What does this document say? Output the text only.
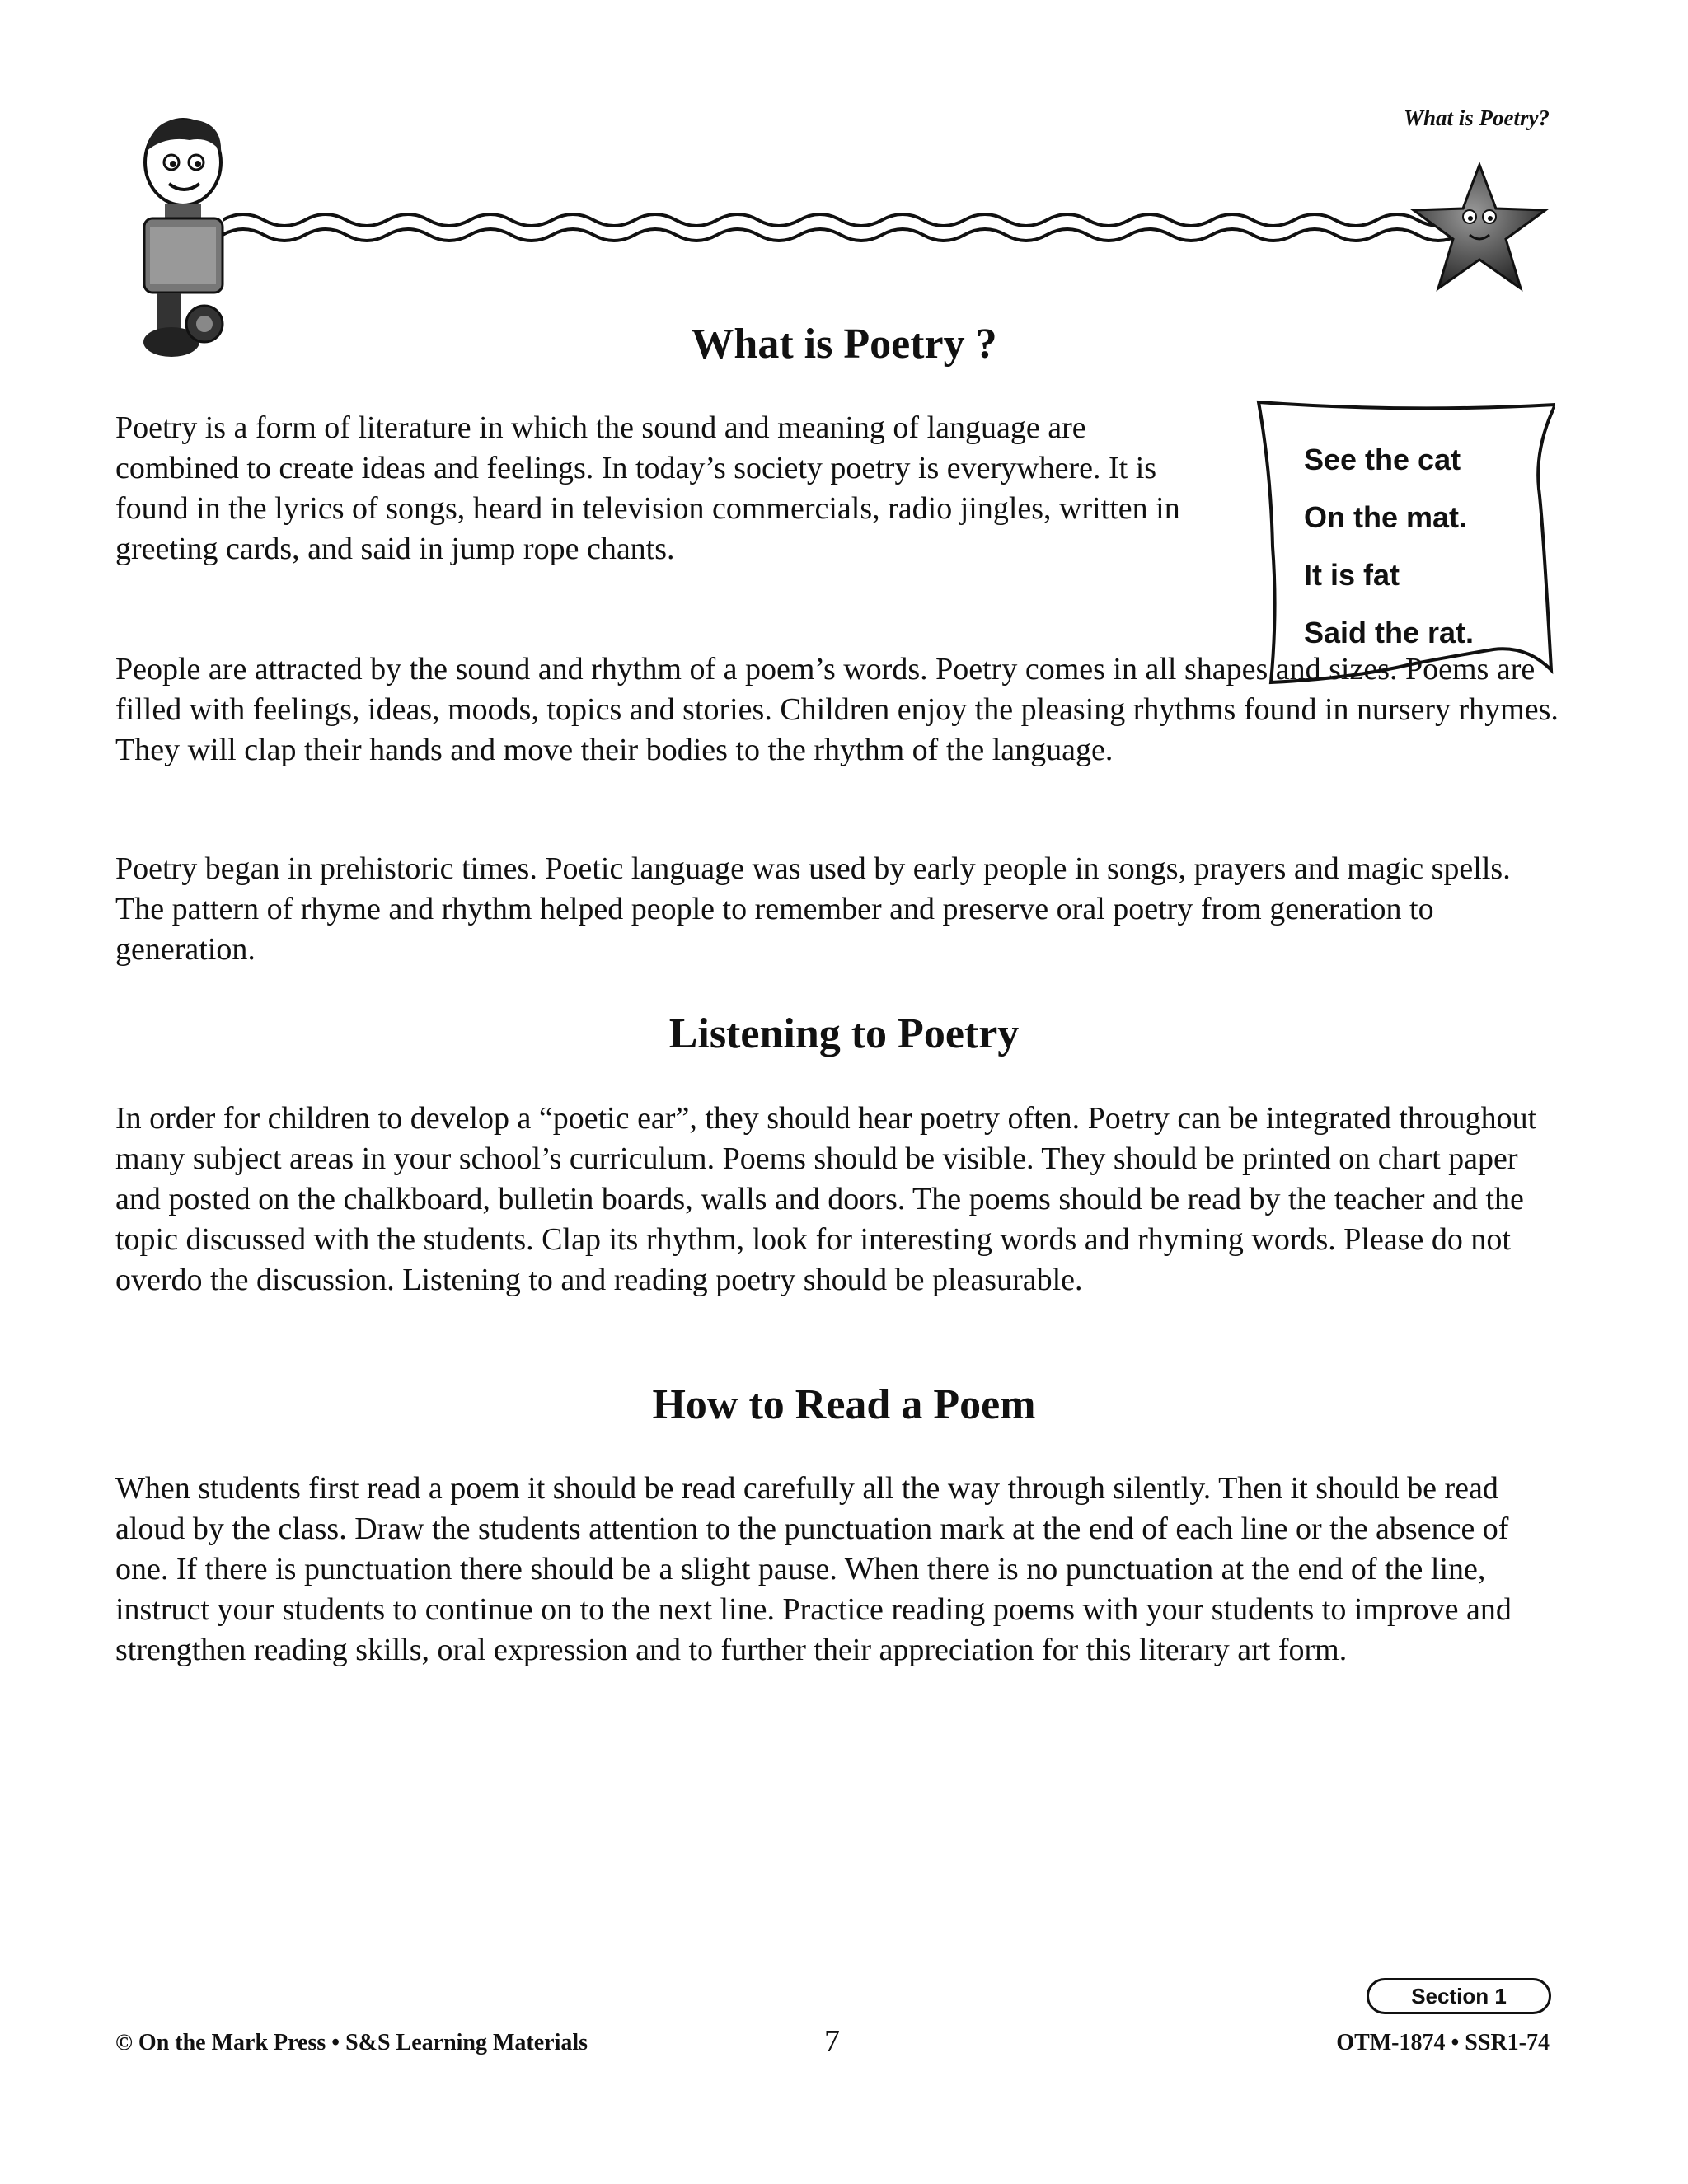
What is Poetry?
What is Poetry ?

Poetry is a form of literature in which the sound and meaning of language are combined to create ideas and feelings. In today’s society poetry is everywhere. It is found in the lyrics of songs, heard in television commercials, radio jingles, written in greeting cards, and said in jump rope chants.

See the cat
On the mat.
It is fat
Said the rat.

People are attracted by the sound and rhythm of a poem’s words. Poetry comes in all shapes and sizes. Poems are filled with feelings, ideas, moods, topics and stories. Children enjoy the pleasing rhythms found in nursery rhymes. They will clap their hands and move their bodies to the rhythm of the language.

Poetry began in prehistoric times. Poetic language was used by early people in songs, prayers and magic spells. The pattern of rhyme and rhythm helped people to remember and preserve oral poetry from generation to generation.

Listening to Poetry

In order for children to develop a “poetic ear”, they should hear poetry often. Poetry can be integrated throughout many subject areas in your school’s curriculum. Poems should be visible. They should be printed on chart paper and posted on the chalkboard, bulletin boards, walls and doors. The poems should be read by the teacher and the topic discussed with the students. Clap its rhythm, look for interesting words and rhyming words. Please do not overdo the discussion. Listening to and reading poetry should be pleasurable.

How to Read a Poem

When students first read a poem it should be read carefully all the way through silently. Then it should be read aloud by the class. Draw the students attention to the punctuation mark at the end of each line or the absence of one. If there is punctuation there should be a slight pause. When there is no punctuation at the end of the line, instruct your students to continue on to the next line. Practice reading poems with your students to improve and strengthen reading skills, oral expression and to further their appreciation for this literary art form.

Section 1
© On the Mark Press • S&S Learning Materials	7	OTM-1874 • SSR1-74
